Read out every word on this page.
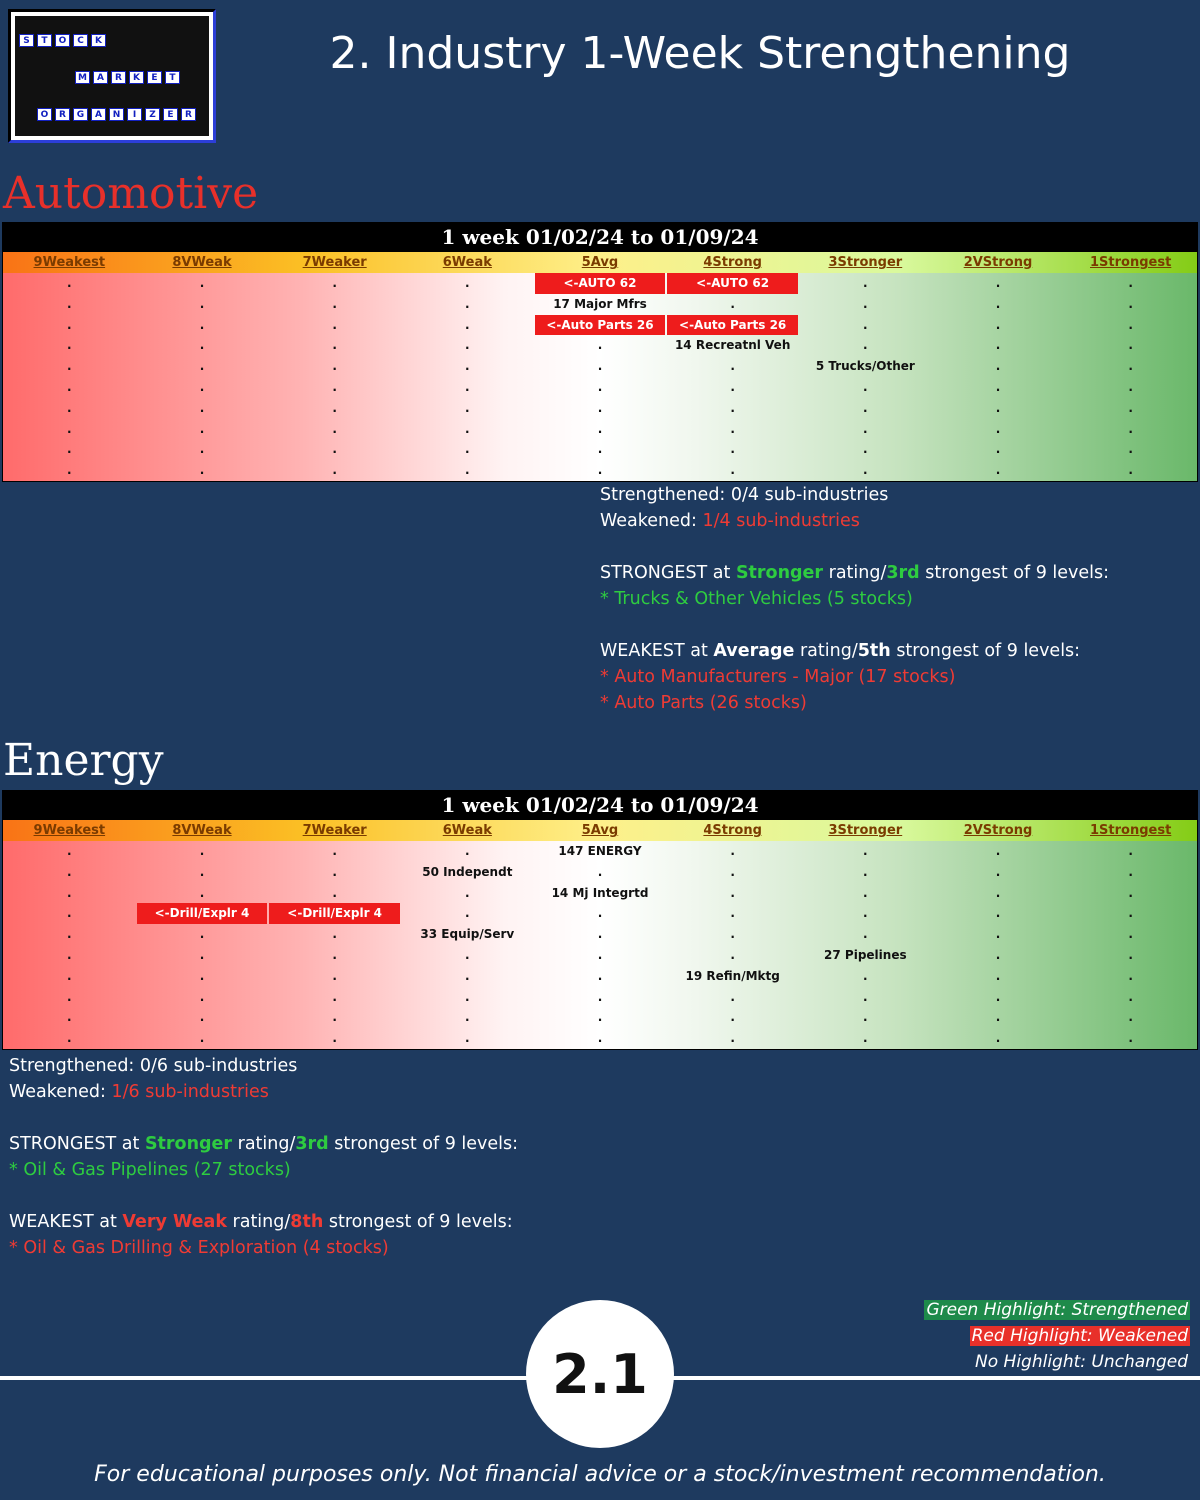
S	T	O	C	K
M	A	R	K	E	T
O	R	G	A	N	I	Z	E	R
2. Industry 1-Week Strengthening
Automotive
1 week 01/02/24 to 01/09/24
9Weakest	8VWeak	7Weaker	6Weak	5Avg	4Strong	3Stronger	2VStrong	1Strongest
.	.	.	.	<-AUTO 62	<-AUTO 62	.	.	.
.	.	.	.	17 Major Mfrs	.	.	.	.
.	.	.	.	<-Auto Parts 26	<-Auto Parts 26	.	.	.
.	.	.	.	.	14 Recreatnl Veh	.	.	.
.	.	.	.	.	.	5 Trucks/Other	.	.
.	.	.	.	.	.	.	.	.
.	.	.	.	.	.	.	.	.
.	.	.	.	.	.	.	.	.
.	.	.	.	.	.	.	.	.
.	.	.	.	.	.	.	.	.
Strengthened: 0/4 sub-industries
Weakened: 1/4 sub-industries
STRONGEST at Stronger rating/3rd strongest of 9 levels:
* Trucks & Other Vehicles (5 stocks)
WEAKEST at Average rating/5th strongest of 9 levels:
* Auto Manufacturers - Major (17 stocks)
* Auto Parts (26 stocks)
Energy
1 week 01/02/24 to 01/09/24
9Weakest	8VWeak	7Weaker	6Weak	5Avg	4Strong	3Stronger	2VStrong	1Strongest
.	.	.	.	147 ENERGY	.	.	.	.
.	.	.	50 Independt	.	.	.	.	.
.	.	.	.	14 Mj Integrtd	.	.	.	.
.	<-Drill/Explr 4	<-Drill/Explr 4	.	.	.	.	.	.
.	.	.	33 Equip/Serv	.	.	.	.	.
.	.	.	.	.	.	27 Pipelines	.	.
.	.	.	.	.	19 Refin/Mktg	.	.	.
.	.	.	.	.	.	.	.	.
.	.	.	.	.	.	.	.	.
.	.	.	.	.	.	.	.	.
Strengthened: 0/6 sub-industries
Weakened: 1/6 sub-industries
STRONGEST at Stronger rating/3rd strongest of 9 levels:
* Oil & Gas Pipelines (27 stocks)
WEAKEST at Very Weak rating/8th strongest of 9 levels:
* Oil & Gas Drilling & Exploration (4 stocks)
Green Highlight: Strengthened
Red Highlight: Weakened
No Highlight: Unchanged
2.1
For educational purposes only. Not financial advice or a stock/investment recommendation.
